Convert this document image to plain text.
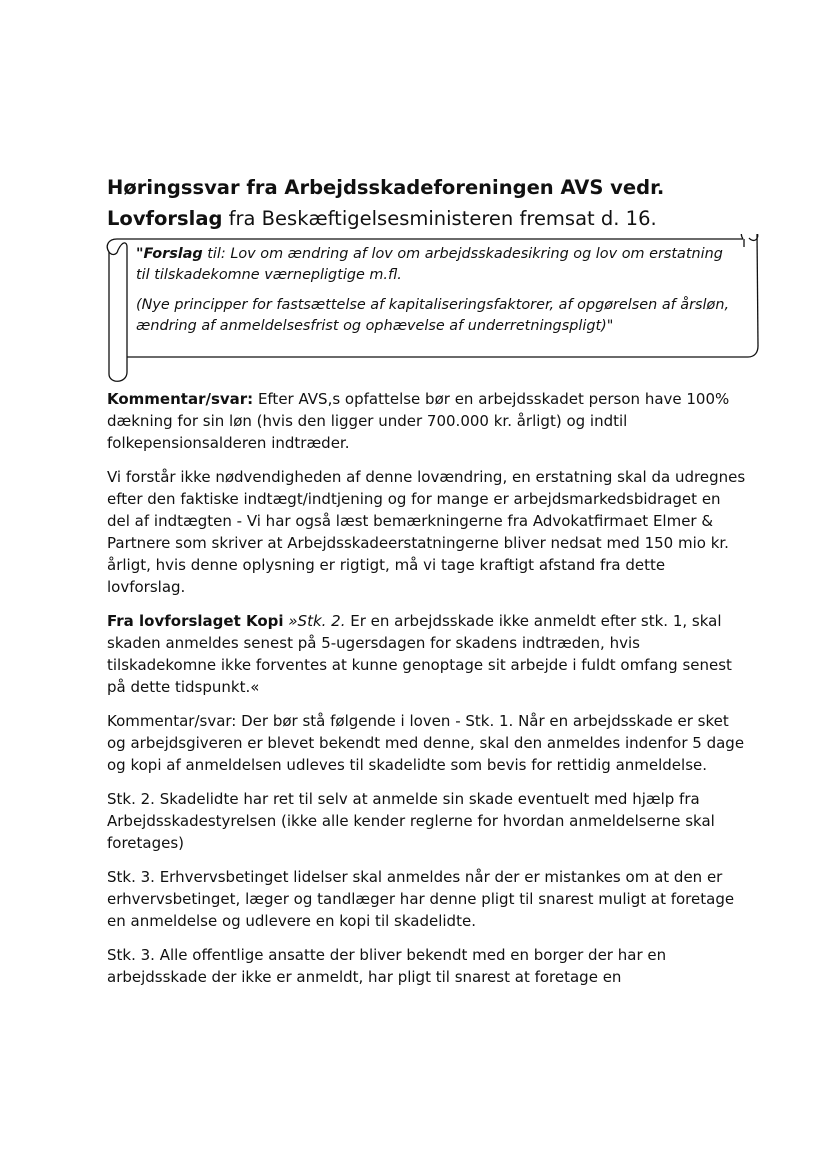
Høringssvar fra Arbejdsskadeforeningen AVS vedr.
Lovforslag fra Beskæftigelsesministeren fremsat d. 16.

"Forslag til: Lov om ændring af lov om arbejdsskadesikring og lov om erstatning til tilskadekomne værnepligtige m.fl.

(Nye principper for fastsættelse af kapitaliseringsfaktorer, af opgørelsen af årsløn, ændring af anmeldelsesfrist og ophævelse af underretningspligt)"

Kommentar/svar: Efter AVS,s opfattelse bør en arbejdsskadet person have 100% dækning for sin løn (hvis den ligger under 700.000 kr. årligt) og indtil folkepensionsalderen indtræder.

Vi forstår ikke nødvendigheden af denne lovændring, en erstatning skal da udregnes efter den faktiske indtægt/indtjening og for mange er arbejdsmarkedsbidraget en del af indtægten - Vi har også læst bemærkningerne fra Advokatfirmaet Elmer & Partnere som skriver at Arbejdsskadeerstatningerne bliver nedsat med 150 mio kr. årligt, hvis denne oplysning er rigtigt, må vi tage kraftigt afstand fra dette lovforslag.

Fra lovforslaget Kopi »Stk. 2. Er en arbejdsskade ikke anmeldt efter stk. 1, skal skaden anmeldes senest på 5-ugersdagen for skadens indtræden, hvis tilskadekomne ikke forventes at kunne genoptage sit arbejde i fuldt omfang senest på dette tidspunkt.«

Kommentar/svar: Der bør stå følgende i loven - Stk. 1. Når en arbejdsskade er sket og arbejdsgiveren er blevet bekendt med denne, skal den anmeldes indenfor 5 dage og kopi af anmeldelsen udleves til skadelidte som bevis for rettidig anmeldelse.

Stk. 2. Skadelidte har ret til selv at anmelde sin skade eventuelt med hjælp fra Arbejdsskadestyrelsen (ikke alle kender reglerne for hvordan anmeldelserne skal foretages)

Stk. 3. Erhvervsbetinget lidelser skal anmeldes når der er mistankes om at den er erhvervsbetinget, læger og tandlæger har denne pligt til snarest muligt at foretage en anmeldelse og udlevere en kopi til skadelidte.

Stk. 3. Alle offentlige ansatte der bliver bekendt med en borger der har en arbejdsskade der ikke er anmeldt, har pligt til snarest at foretage en
